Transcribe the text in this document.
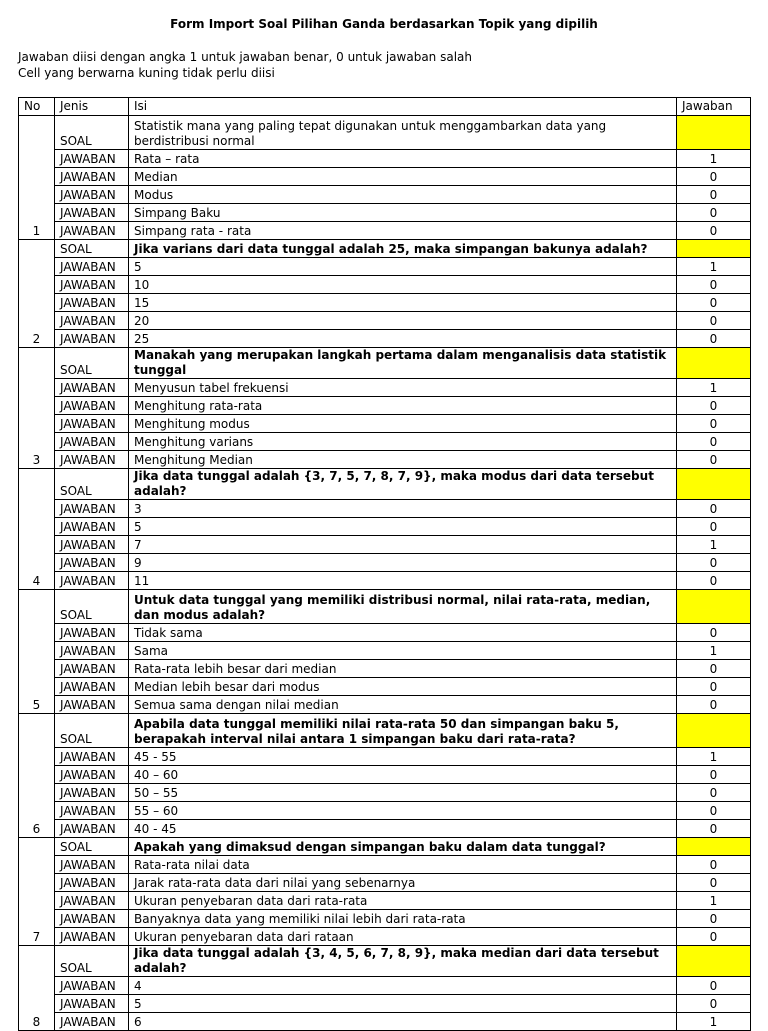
Form Import Soal Pilihan Ganda berdasarkan Topik yang dipilih
Jawaban diisi dengan angka 1 untuk jawaban benar, 0 untuk jawaban salah
Cell yang berwarna kuning tidak perlu diisi
No	Jenis	Isi	Jawaban
1	SOAL	Statistik mana yang paling tepat digunakan untuk menggambarkan data yang berdistribusi normal	
	JAWABAN	Rata – rata	1
	JAWABAN	Median	0
	JAWABAN	Modus	0
	JAWABAN	Simpang Baku	0
	JAWABAN	Simpang rata - rata	0
2	SOAL	Jika varians dari data tunggal adalah 25, maka simpangan bakunya adalah?	
	JAWABAN	5	1
	JAWABAN	10	0
	JAWABAN	15	0
	JAWABAN	20	0
	JAWABAN	25	0
3	SOAL	Manakah yang merupakan langkah pertama dalam menganalisis data statistik tunggal	
	JAWABAN	Menyusun tabel frekuensi	1
	JAWABAN	Menghitung rata-rata	0
	JAWABAN	Menghitung modus	0
	JAWABAN	Menghitung varians	0
	JAWABAN	Menghitung Median	0
4	SOAL	Jika data tunggal adalah {3, 7, 5, 7, 8, 7, 9}, maka modus dari data tersebut adalah?	
	JAWABAN	3	0
	JAWABAN	5	0
	JAWABAN	7	1
	JAWABAN	9	0
	JAWABAN	11	0
5	SOAL	Untuk data tunggal yang memiliki distribusi normal, nilai rata-rata, median, dan modus adalah?	
	JAWABAN	Tidak sama	0
	JAWABAN	Sama	1
	JAWABAN	Rata-rata lebih besar dari median	0
	JAWABAN	Median lebih besar dari modus	0
	JAWABAN	Semua sama dengan nilai median	0
6	SOAL	Apabila data tunggal memiliki nilai rata-rata 50 dan simpangan baku 5, berapakah interval nilai antara 1 simpangan baku dari rata-rata?	
	JAWABAN	45 - 55	1
	JAWABAN	40 – 60	0
	JAWABAN	50 – 55	0
	JAWABAN	55 – 60	0
	JAWABAN	40 - 45	0
7	SOAL	Apakah yang dimaksud dengan simpangan baku dalam data tunggal?	
	JAWABAN	Rata-rata nilai data	0
	JAWABAN	Jarak rata-rata data dari nilai yang sebenarnya	0
	JAWABAN	Ukuran penyebaran data dari rata-rata	1
	JAWABAN	Banyaknya data yang memiliki nilai lebih dari rata-rata	0
	JAWABAN	Ukuran penyebaran data dari rataan	0
8	SOAL	Jika data tunggal adalah {3, 4, 5, 6, 7, 8, 9}, maka median dari data tersebut adalah?	
	JAWABAN	4	0
	JAWABAN	5	0
	JAWABAN	6	1
